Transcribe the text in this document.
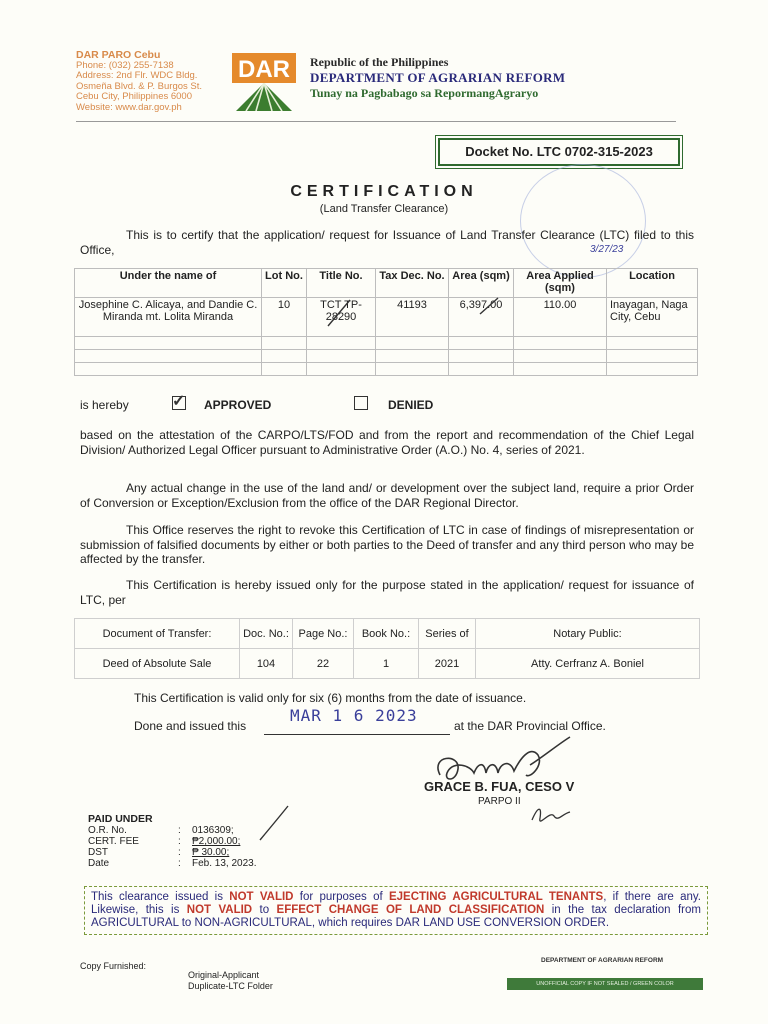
DAR PARO Cebu
Phone: (032) 255-7138
Address: 2nd Flr. WDC Bldg.
Osmeña Blvd. & P. Burgos St.
Cebu City, Philippines 6000
Website: www.dar.gov.ph
DAR Republic of the Philippines
DEPARTMENT OF AGRARIAN REFORM
Tunay na Pagbabago sa RepormangAgraryo
Docket No. LTC 0702-315-2023
CERTIFICATION
(Land Transfer Clearance)
This is to certify that the application/ request for Issuance of Land Transfer Clearance (LTC) filed to this Office,	3/27/23
Under the name of	Lot No.	Title No.	Tax Dec. No.	Area (sqm)	Area Applied (sqm)	Location
Josephine C. Alicaya, and Dandie C. Miranda mt. Lolita Miranda	10	TCT TP-28290	41193	6,397.00	110.00	Inayagan, Naga City, Cebu

is hereby	✓ APPROVED	DENIED
based on the attestation of the CARPO/LTS/FOD and from the report and recommendation of the Chief Legal Division/ Authorized Legal Officer pursuant to Administrative Order (A.O.) No. 4, series of 2021.
Any actual change in the use of the land and/ or development over the subject land, require a prior Order of Conversion or Exception/Exclusion from the office of the DAR Regional Director.
This Office reserves the right to revoke this Certification of LTC in case of findings of misrepresentation or submission of falsified documents by either or both parties to the Deed of transfer and any third person who may be affected by the transfer.
This Certification is hereby issued only for the purpose stated in the application/ request for issuance of LTC, per
Document of Transfer:	Doc. No.:	Page No.:	Book No.:	Series of	Notary Public:
Deed of Absolute Sale	104	22	1	2021	Atty. Cerfranz A. Boniel
This Certification is valid only for six (6) months from the date of issuance.
Done and issued this
MAR 1 6 2023
at the DAR Provincial Office.
GRACE B. FUA, CESO V
PARPO II
PAID UNDER
O.R. No.	:	0136309;
CERT. FEE	:	₱2,000.00;
DST	:	₱ 30.00;
Date	:	Feb. 13, 2023.
This clearance issued is NOT VALID for purposes of EJECTING AGRICULTURAL TENANTS, if there are any. Likewise, this is NOT VALID to EFFECT CHANGE OF LAND CLASSIFICATION in the tax declaration from AGRICULTURAL to NON-AGRICULTURAL, which requires DAR LAND USE CONVERSION ORDER.
Copy Furnished:
Original-Applicant
Duplicate-LTC Folder
DEPARTMENT OF AGRARIAN REFORM
UNOFFICIAL COPY IF NOT SEALED / GREEN COLOR
